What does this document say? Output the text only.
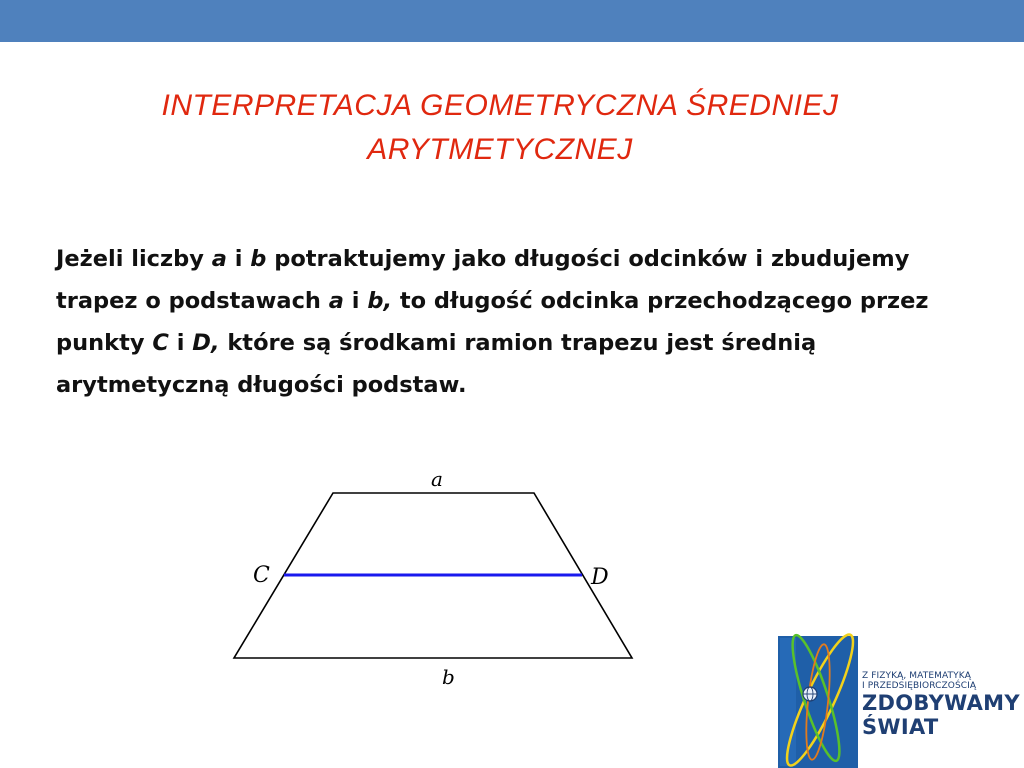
INTERPRETACJA GEOMETRYCZNA ŚREDNIEJ ARYTMETYCZNEJ
Jeżeli liczby a i b potraktujemy jako długości odcinków i zbudujemy trapez o podstawach a i b, to długość odcinka przechodzącego przez punkty C i D, które są środkami ramion trapezu jest średnią arytmetyczną długości podstaw.
a
b
C	D
Z FIZYKĄ, MATEMATYKĄ
I PRZEDSIĘBIORCZOŚCIĄ
ZDOBYWAMY
ŚWIAT
